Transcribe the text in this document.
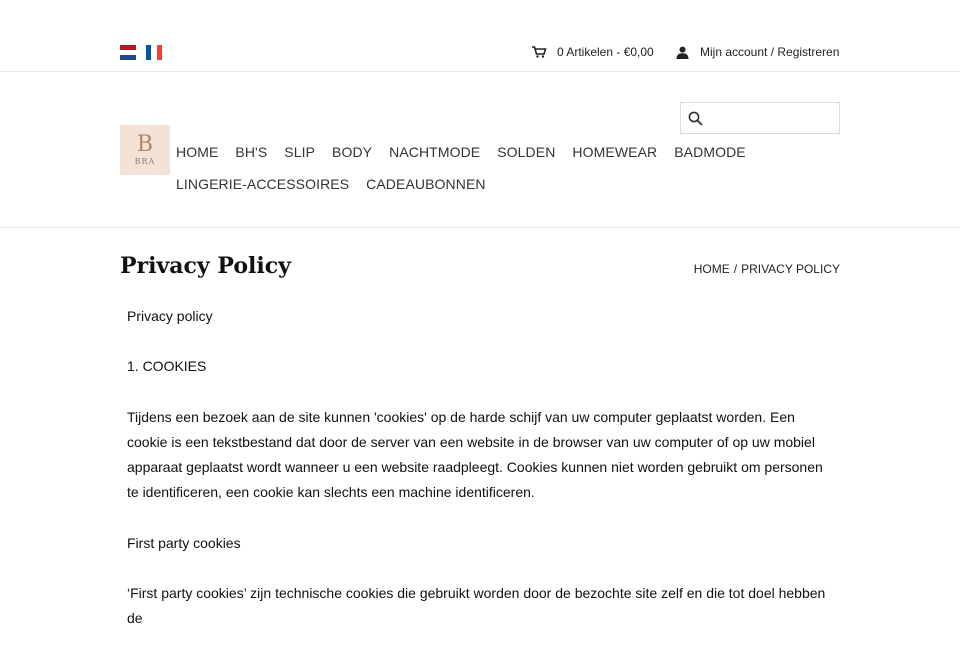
0 Artikelen - €0,00	Mijn account / Registreren
B
BRA
HOME BH'S SLIP BODY NACHTMODE SOLDEN HOMEWEAR BADMODE
LINGERIE-ACCESSOIRES CADEAUBONNEN
Privacy Policy	HOME / PRIVACY POLICY

Privacy policy

1. COOKIES

Tijdens een bezoek aan de site kunnen 'cookies' op de harde schijf van uw computer geplaatst worden. Een cookie is een tekstbestand dat door de server van een website in de browser van uw computer of op uw mobiel apparaat geplaatst wordt wanneer u een website raadpleegt. Cookies kunnen niet worden gebruikt om personen te identificeren, een cookie kan slechts een machine identificeren.

First party cookies

‘First party cookies’ zijn technische cookies die gebruikt worden door de bezochte site zelf en die tot doel hebben de
